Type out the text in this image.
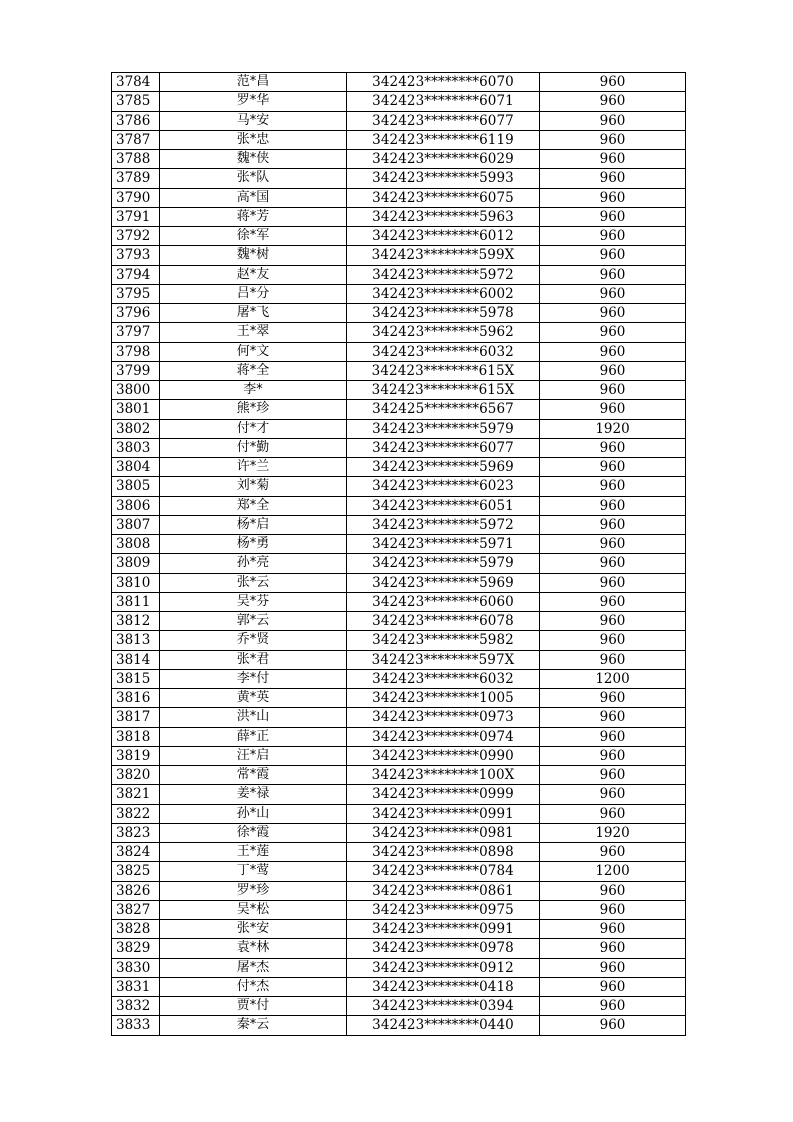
3784	范*昌	342423********6070	960
3785	罗*华	342423********6071	960
3786	马*安	342423********6077	960
3787	张*忠	342423********6119	960
3788	魏*侠	342423********6029	960
3789	张*队	342423********5993	960
3790	高*国	342423********6075	960
3791	蒋*芳	342423********5963	960
3792	徐*军	342423********6012	960
3793	魏*树	342423********599X	960
3794	赵*友	342423********5972	960
3795	吕*分	342423********6002	960
3796	屠*飞	342423********5978	960
3797	王*翠	342423********5962	960
3798	何*文	342423********6032	960
3799	蒋*全	342423********615X	960
3800	李*	342423********615X	960
3801	熊*珍	342425********6567	960
3802	付*才	342423********5979	1920
3803	付*勤	342423********6077	960
3804	许*兰	342423********5969	960
3805	刘*菊	342423********6023	960
3806	郑*全	342423********6051	960
3807	杨*启	342423********5972	960
3808	杨*勇	342423********5971	960
3809	孙*亮	342423********5979	960
3810	张*云	342423********5969	960
3811	吴*芬	342423********6060	960
3812	郭*云	342423********6078	960
3813	乔*贤	342423********5982	960
3814	张*君	342423********597X	960
3815	李*付	342423********6032	1200
3816	黄*英	342423********1005	960
3817	洪*山	342423********0973	960
3818	薛*正	342423********0974	960
3819	汪*启	342423********0990	960
3820	常*霞	342423********100X	960
3821	姜*禄	342423********0999	960
3822	孙*山	342423********0991	960
3823	徐*霞	342423********0981	1920
3824	王*莲	342423********0898	960
3825	丁*莺	342423********0784	1200
3826	罗*珍	342423********0861	960
3827	吴*松	342423********0975	960
3828	张*安	342423********0991	960
3829	袁*林	342423********0978	960
3830	屠*杰	342423********0912	960
3831	付*杰	342423********0418	960
3832	贾*付	342423********0394	960
3833	秦*云	342423********0440	960
